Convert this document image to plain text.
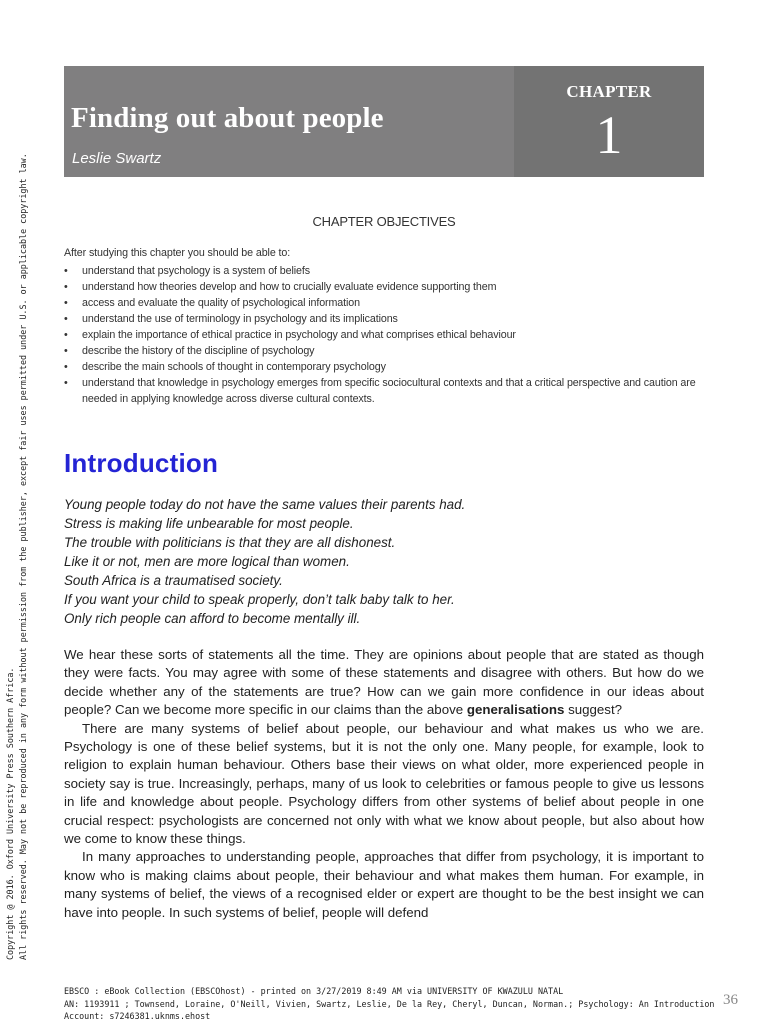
Copyright @ 2016. Oxford University Press Southern Africa. All rights reserved. May not be reproduced in any form without permission from the publisher, except fair uses permitted under U.S. or applicable copyright law.
Finding out about people
Leslie Swartz
CHAPTER
1
CHAPTER OBJECTIVES
After studying this chapter you should be able to:
• understand that psychology is a system of beliefs
• understand how theories develop and how to crucially evaluate evidence supporting them
• access and evaluate the quality of psychological information
• understand the use of terminology in psychology and its implications
• explain the importance of ethical practice in psychology and what comprises ethical behaviour
• describe the history of the discipline of psychology
• describe the main schools of thought in contemporary psychology
• understand that knowledge in psychology emerges from specific sociocultural contexts and that a critical perspective and caution are needed in applying knowledge across diverse cultural contexts.
Introduction
Young people today do not have the same values their parents had.
Stress is making life unbearable for most people.
The trouble with politicians is that they are all dishonest.
Like it or not, men are more logical than women.
South Africa is a traumatised society.
If you want your child to speak properly, don’t talk baby talk to her.
Only rich people can afford to become mentally ill.

We hear these sorts of statements all the time. They are opinions about people that are stated as though they were facts. You may agree with some of these statements and disagree with others. But how do we decide whether any of the statements are true? How can we gain more confidence in our ideas about people? Can we become more specific in our claims than the above generalisations suggest?

There are many systems of belief about people, our behaviour and what makes us who we are. Psychology is one of these belief systems, but it is not the only one. Many people, for example, look to religion to explain human behaviour. Others base their views on what older, more experienced people in society say is true. Increasingly, perhaps, many of us look to celebrities or famous people to give us lessons in life and knowledge about people. Psychology differs from other systems of belief about people in one crucial respect: psychologists are concerned not only with what we know about people, but also about how we come to know these things.

In many approaches to understanding people, approaches that differ from psychology, it is important to know who is making claims about people, their behaviour and what makes them human. For example, in many systems of belief, the views of a recognised elder or expert are thought to be the best insight we can have into people. In such systems of belief, people will defend

EBSCO : eBook Collection (EBSCOhost) - printed on 3/27/2019 8:49 AM via UNIVERSITY OF KWAZULU NATAL
AN: 1193911 ; Townsend, Loraine, O'Neill, Vivien, Swartz, Leslie, De la Rey, Cheryl, Duncan, Norman.; Psychology: An Introduction
Account: s7246381.uknms.ehost
36
